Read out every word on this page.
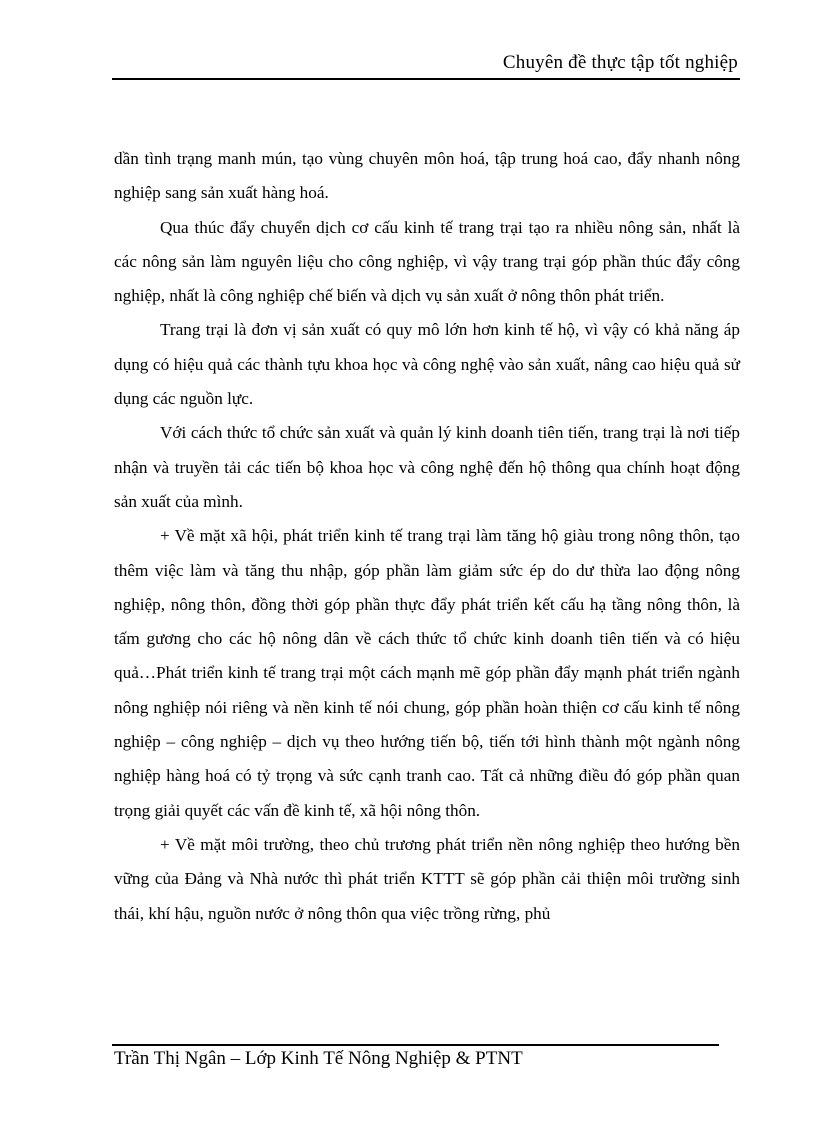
Chuyên đề thực tập tốt nghiệp

dần tình trạng manh mún, tạo vùng chuyên môn hoá, tập trung hoá cao, đẩy nhanh nông nghiệp sang sản xuất hàng hoá.

Qua thúc đẩy chuyển dịch cơ cấu kinh tế trang trại tạo ra nhiều nông sản, nhất là các nông sản làm nguyên liệu cho công nghiệp, vì vậy trang trại góp phần thúc đẩy công nghiệp, nhất là công nghiệp chế biến và dịch vụ sản xuất ở nông thôn phát triển.

Trang trại là đơn vị sản xuất có quy mô lớn hơn kinh tế hộ, vì vậy có khả năng áp dụng có hiệu quả các thành tựu khoa học và công nghệ vào sản xuất, nâng cao hiệu quả sử dụng các nguồn lực.

Với cách thức tổ chức sản xuất và quản lý kinh doanh tiên tiến, trang trại là nơi tiếp nhận và truyền tải các tiến bộ khoa học và công nghệ đến hộ thông qua chính hoạt động sản xuất của mình.

+ Về mặt xã hội, phát triển kinh tế trang trại làm tăng hộ giàu trong nông thôn, tạo thêm việc làm và tăng thu nhập, góp phần làm giảm sức ép do dư thừa lao động nông nghiệp, nông thôn, đồng thời góp phần thực đẩy phát triển kết cấu hạ tầng nông thôn, là tấm gương cho các hộ nông dân về cách thức tổ chức kinh doanh tiên tiến và có hiệu quả…Phát triển kinh tế trang trại một cách mạnh mẽ góp phần đẩy mạnh phát triển ngành nông nghiệp nói riêng và nền kinh tế nói chung, góp phần hoàn thiện cơ cấu kinh tế nông nghiệp – công nghiệp – dịch vụ theo hướng tiến bộ, tiến tới hình thành một ngành nông nghiệp hàng hoá có tỷ trọng và sức cạnh tranh cao. Tất cả những điều đó góp phần quan trọng giải quyết các vấn đề kinh tế, xã hội nông thôn.

+ Về mặt môi trường, theo chủ trương phát triển nền nông nghiệp theo hướng bền vững của Đảng và Nhà nước thì phát triển KTTT sẽ góp phần cải thiện môi trường sinh thái, khí hậu, nguồn nước ở nông thôn qua việc trồng rừng, phủ

Trần Thị Ngân – Lớp Kinh Tế Nông Nghiệp & PTNT
